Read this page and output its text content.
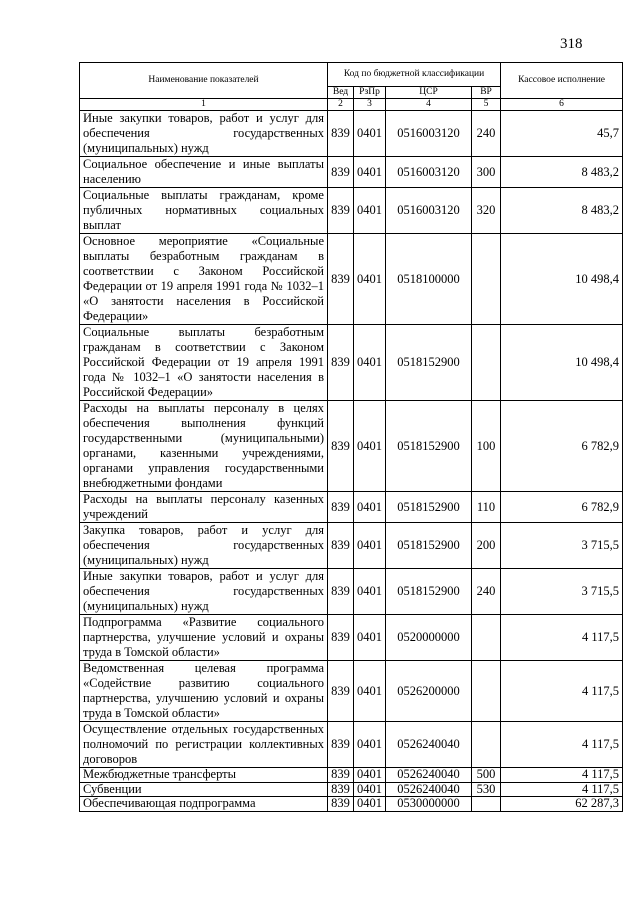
318
Наименование показателей	Код по бюджетной классификации				Кассовое исполнение
	Вед	РзПр	ЦСР	ВР	
1	2	3	4	5	6
Иные закупки товаров, работ и услуг для обеспечения государственных (муниципальных) нужд	839	0401	0516003120	240	45,7
Социальное обеспечение и иные выплаты населению	839	0401	0516003120	300	8 483,2
Социальные выплаты гражданам, кроме публичных нормативных социальных выплат	839	0401	0516003120	320	8 483,2
Основное мероприятие «Социальные выплаты безработным гражданам в соответствии с Законом Российской Федерации от 19 апреля 1991 года № 1032–1 «О занятости населения в Российской Федерации»	839	0401	0518100000		10 498,4
Социальные выплаты безработным гражданам в соответствии с Законом Российской Федерации от 19 апреля 1991 года № 1032–1 «О занятости населения в Российской Федерации»	839	0401	0518152900		10 498,4
Расходы на выплаты персоналу в целях обеспечения выполнения функций государственными (муниципальными) органами, казенными учреждениями, органами управления государственными внебюджетными фондами	839	0401	0518152900	100	6 782,9
Расходы на выплаты персоналу казенных учреждений	839	0401	0518152900	110	6 782,9
Закупка товаров, работ и услуг для обеспечения государственных (муниципальных) нужд	839	0401	0518152900	200	3 715,5
Иные закупки товаров, работ и услуг для обеспечения государственных (муниципальных) нужд	839	0401	0518152900	240	3 715,5
Подпрограмма «Развитие социального партнерства, улучшение условий и охраны труда в Томской области»	839	0401	0520000000		4 117,5
Ведомственная целевая программа «Содействие развитию социального партнерства, улучшению условий и охраны труда в Томской области»	839	0401	0526200000		4 117,5
Осуществление отдельных государственных полномочий по регистрации коллективных договоров	839	0401	0526240040		4 117,5
Межбюджетные трансферты	839	0401	0526240040	500	4 117,5
Субвенции	839	0401	0526240040	530	4 117,5
Обеспечивающая подпрограмма	839	0401	0530000000		62 287,3
